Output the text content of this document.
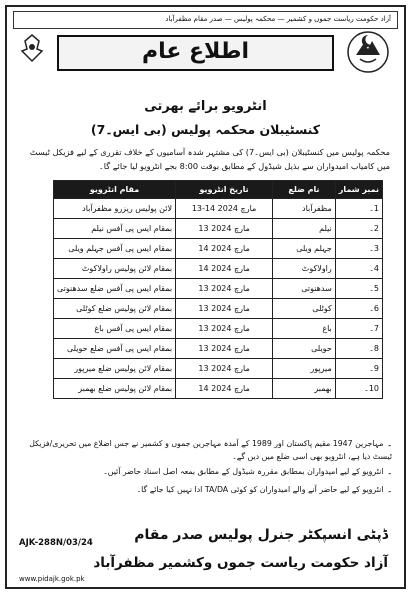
آزاد حکومت ریاست جموں و کشمیر — محکمہ پولیس — صدر مقام مظفرآباد
اطلاع عام
انٹرویو برائے بھرتی
کنسٹیبلان محکمہ پولیس (بی ایس۔7)
محکمہ پولیس میں کنسٹیبلان (بی ایس۔7) کی مشتہر شدہ آسامیوں کے خلاف تقرری کے لیے فزیکل ٹیسٹ میں کامیاب امیدواران سے بذیل شیڈول کے مطابق بوقت 8:00 بجے انٹرویو لیا جائے گا۔
نمبر شمار	نام ضلع	تاریخ انٹرویو	مقام انٹرویو
1۔	مظفرآباد	13-14 مارچ 2024	لائن پولیس ریزرو مظفرآباد
2۔	نیلم	13 مارچ 2024	بمقام ایس پی آفس نیلم
3۔	جہلم ویلی	14 مارچ 2024	بمقام ایس پی آفس جہلم ویلی
4۔	راولاکوٹ	14 مارچ 2024	بمقام لائن پولیس راولاکوٹ
5۔	سدھنوتی	13 مارچ 2024	بمقام ایس پی آفس ضلع سدھنوتی
6۔	کوٹلی	13 مارچ 2024	بمقام لائن پولیس ضلع کوٹلی
7۔	باغ	13 مارچ 2024	بمقام ایس پی آفس باغ
8۔	حویلی	13 مارچ 2024	بمقام ایس پی آفس ضلع حویلی
9۔	میرپور	13 مارچ 2024	بمقام لائن پولیس ضلع میرپور
10۔	بھمبر	14 مارچ 2024	بمقام لائن پولیس ضلع بھمبر
۔مہاجرین 1947 مقیم پاکستان اور 1989 کے آمدہ مہاجرین جموں و کشمیر نے جس اضلاع میں تحریری/فزیکل ٹیسٹ دیا ہے، انٹرویو بھی اسی ضلع میں دیں گے۔
۔انٹرویو کے لیے امیدواران بمطابق مقررہ شیڈول کے مطابق بمعہ اصل اسناد حاضر آئیں۔
۔انٹرویو کے لیے حاضر آنے والے امیدواران کو کوئی TA/DA ادا نہیں کیا جائے گا۔
ڈپٹی انسپکٹر جنرل پولیس صدر مقام
آزاد حکومت ریاست جموں وکشمیر مظفرآباد
AJK-288N/03/24
www.pidajk.gok.pk
